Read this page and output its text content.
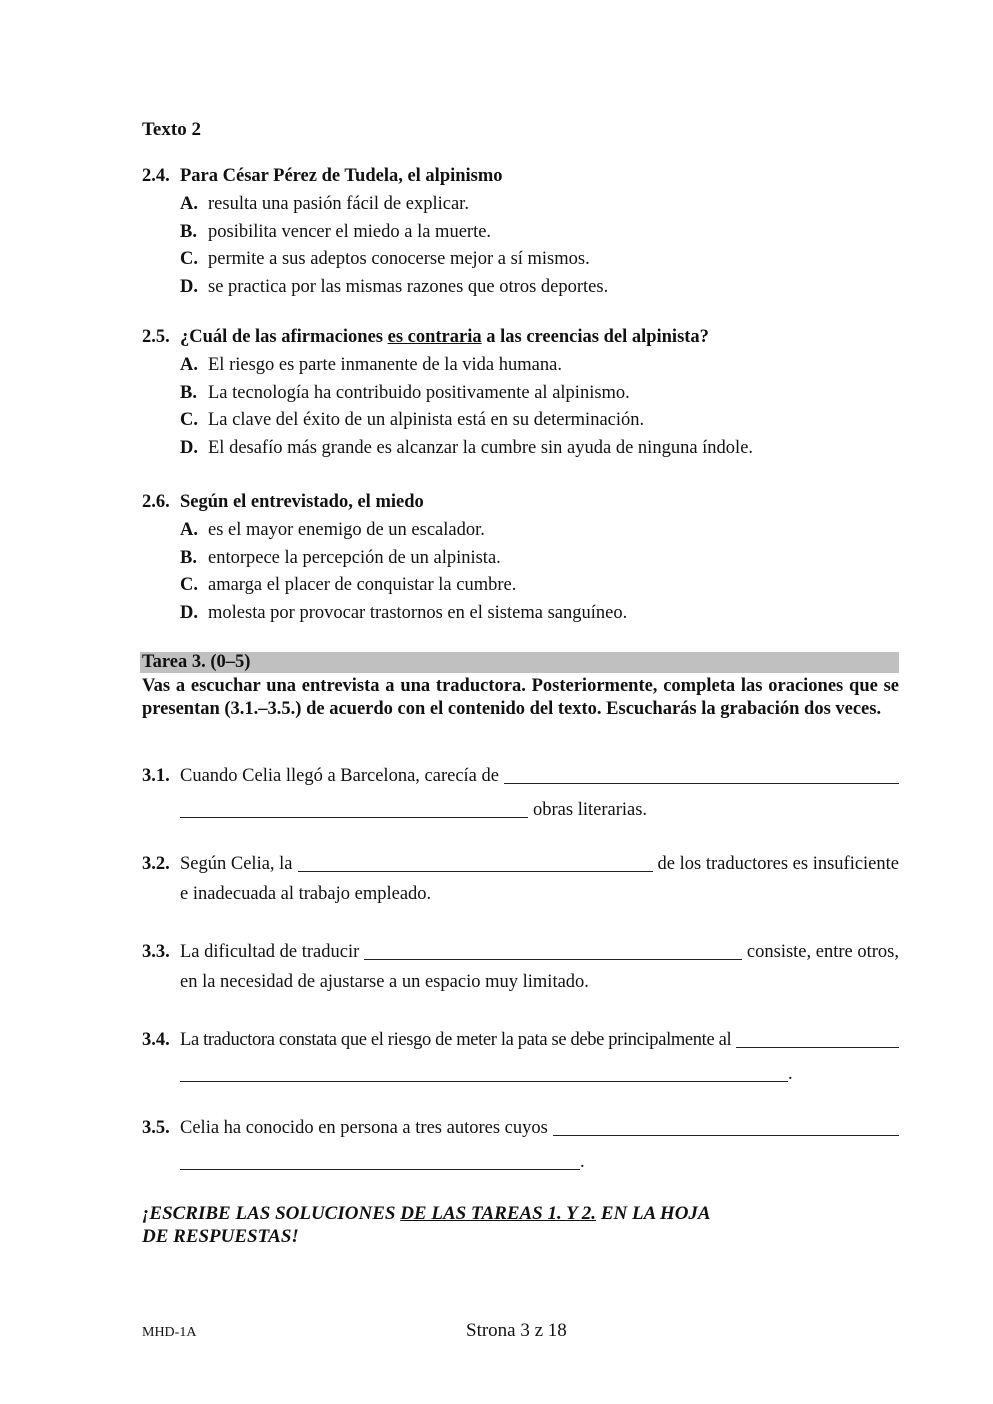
Texto 2
2.4. Para César Pérez de Tudela, el alpinismo
A. resulta una pasión fácil de explicar.
B. posibilita vencer el miedo a la muerte.
C. permite a sus adeptos conocerse mejor a sí mismos.
D. se practica por las mismas razones que otros deportes.
2.5. ¿Cuál de las afirmaciones es contraria a las creencias del alpinista?
A. El riesgo es parte inmanente de la vida humana.
B. La tecnología ha contribuido positivamente al alpinismo.
C. La clave del éxito de un alpinista está en su determinación.
D. El desafío más grande es alcanzar la cumbre sin ayuda de ninguna índole.
2.6. Según el entrevistado, el miedo
A. es el mayor enemigo de un escalador.
B. entorpece la percepción de un alpinista.
C. amarga el placer de conquistar la cumbre.
D. molesta por provocar trastornos en el sistema sanguíneo.
Tarea 3. (0–5)
Vas a escuchar una entrevista a una traductora. Posteriormente, completa las oraciones que se presentan (3.1.–3.5.) de acuerdo con el contenido del texto. Escucharás la grabación dos veces.
3.1. Cuando Celia llegó a Barcelona, carecía de
obras literarias.
3.2. Según Celia, la	de los traductores es insuficiente
e inadecuada al trabajo empleado.
3.3. La dificultad de traducir	consiste, entre otros,
en la necesidad de ajustarse a un espacio muy limitado.
3.4. La traductora constata que el riesgo de meter la pata se debe principalmente al
.
3.5. Celia ha conocido en persona a tres autores cuyos
.
¡ESCRIBE LAS SOLUCIONES DE LAS TAREAS 1. Y 2. EN LA HOJA
DE RESPUESTAS!
MHD-1A	Strona 3 z 18
